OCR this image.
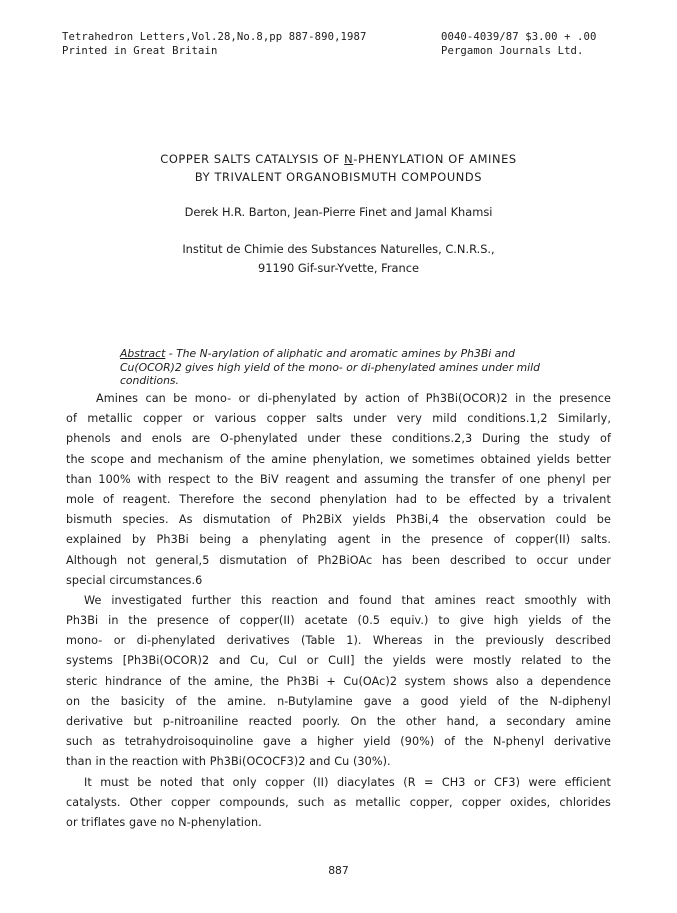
Tetrahedron Letters,Vol.28,No.8,pp 887-890,1987
Printed in Great Britain
0040-4039/87 $3.00 + .00
Pergamon Journals Ltd.
COPPER SALTS CATALYSIS OF N-PHENYLATION OF AMINES
BY TRIVALENT ORGANOBISMUTH COMPOUNDS
Derek H.R. Barton, Jean-Pierre Finet and Jamal Khamsi
Institut de Chimie des Substances Naturelles, C.N.R.S.,
91190 Gif-sur-Yvette, France
Abstract - The N-arylation of aliphatic and aromatic amines by Ph3Bi and Cu(OCOR)2 gives high yield of the mono- or di-phenylated amines under mild conditions.
Amines can be mono- or di-phenylated by action of Ph3Bi(OCOR)2 in the presence
of metallic copper or various copper salts under very mild conditions.1,2 Similarly,
phenols and enols are O-phenylated under these conditions.2,3 During the study of
the scope and mechanism of the amine phenylation, we sometimes obtained yields better
than 100% with respect to the BiV reagent and assuming the transfer of one phenyl per
mole of reagent. Therefore the second phenylation had to be effected by a trivalent
bismuth species. As dismutation of Ph2BiX yields Ph3Bi,4 the observation could be
explained by Ph3Bi being a phenylating agent in the presence of copper(II) salts.
Although not general,5 dismutation of Ph2BiOAc has been described to occur under
special circumstances.6
We investigated further this reaction and found that amines react smoothly with
Ph3Bi in the presence of copper(II) acetate (0.5 equiv.) to give high yields of the
mono- or di-phenylated derivatives (Table 1). Whereas in the previously described
systems [Ph3Bi(OCOR)2 and Cu, CuI or CuII] the yields were mostly related to the
steric hindrance of the amine, the Ph3Bi + Cu(OAc)2 system shows also a dependence
on the basicity of the amine. n-Butylamine gave a good yield of the N-diphenyl
derivative but p-nitroaniline reacted poorly. On the other hand, a secondary amine
such as tetrahydroisoquinoline gave a higher yield (90%) of the N-phenyl derivative
than in the reaction with Ph3Bi(OCOCF3)2 and Cu (30%).
It must be noted that only copper (II) diacylates (R = CH3 or CF3) were efficient
catalysts. Other copper compounds, such as metallic copper, copper oxides, chlorides
or triflates gave no N-phenylation.
887
